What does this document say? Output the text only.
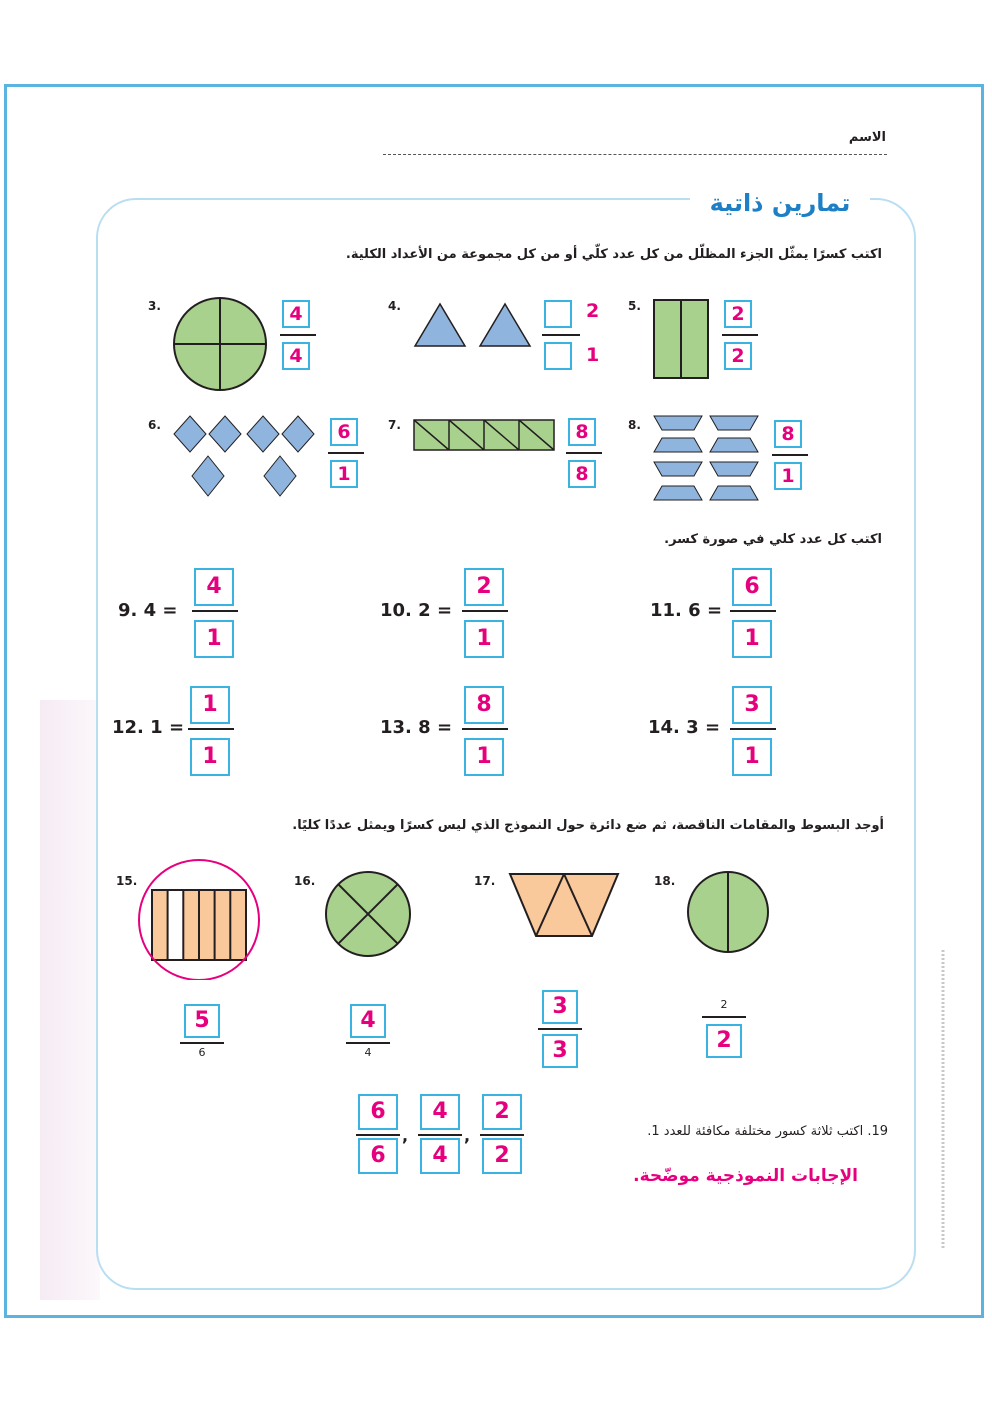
الاسم
تمارين ذاتية
اكتب كسرًا يمثّل الجزء المظلّل من كل عدد كلّي أو من كل مجموعة من الأعداد الكلية.
3.	$\frac{4}{4}$	4.	2
1
5.	$\frac{2}{2}$
6.	$\frac{6}{1} 7$.	$\frac{8}{8} 8$.	$\frac{8}{1}$
اكتب كل عدد كلي في صورة كسر.
9. $4 = \frac{4}{1}$	10. $2 = \frac{2}{1}$	11. $6 = \frac{6}{1}$
12. $1 = \frac{1}{1}$	13. $8 = \frac{8}{1}$	14. $3 = \frac{3}{1}$
أوجد البسوط والمقامات الناقصة، ثم ضع دائرة حول النموذج الذي ليس كسرًا ويمثل عددًا كليًا.
15.
5
6
16.
4
4
17.
$\frac{3}{3}$
18.
2
2
$\frac{6}{6}$ , $\frac{4}{4}$ , $\frac{2}{2}$	19. اكتب ثلاثة كسور مختلفة مكافئة للعدد 1.
الإجابات النموذجية موضّحة.
